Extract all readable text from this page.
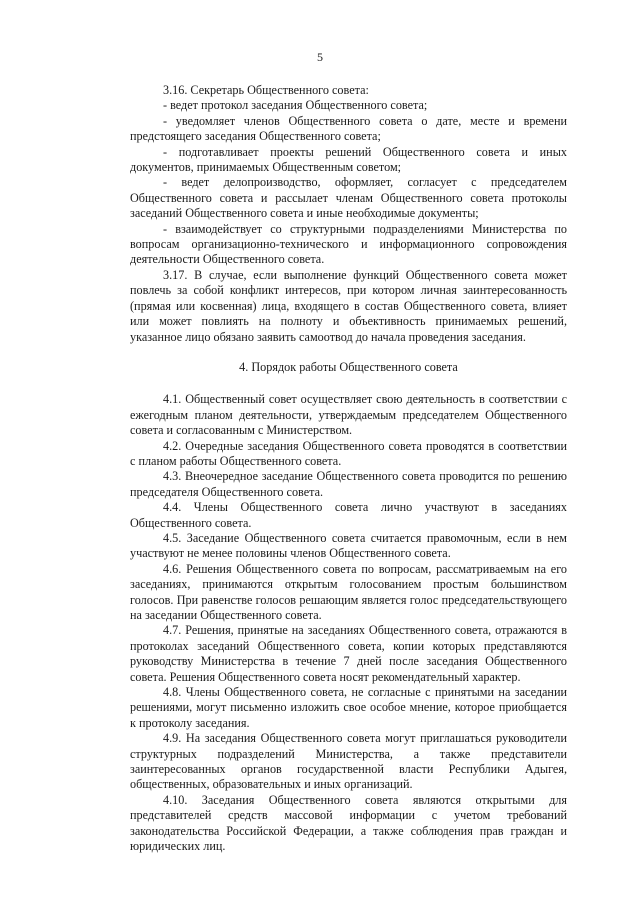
5

3.16. Секретарь Общественного совета:

- ведет протокол заседания Общественного совета;

- уведомляет членов Общественного совета о дате, месте и времени предстоящего заседания Общественного совета;

- подготавливает проекты решений Общественного совета и иных документов, принимаемых Общественным советом;

- ведет делопроизводство, оформляет, согласует с председателем Общественного совета и рассылает членам Общественного совета протоколы заседаний Общественного совета и иные необходимые документы;

- взаимодействует со структурными подразделениями Министерства по вопросам организационно-технического и информационного сопровождения деятельности Общественного совета.

3.17. В случае, если выполнение функций Общественного совета может повлечь за собой конфликт интересов, при котором личная заинтересованность (прямая или косвенная) лица, входящего в состав Общественного совета, влияет или может повлиять на полноту и объективность принимаемых решений, указанное лицо обязано заявить самоотвод до начала проведения заседания.

4. Порядок работы Общественного совета

4.1. Общественный совет осуществляет свою деятельность в соответствии с ежегодным планом деятельности, утверждаемым председателем Общественного совета и согласованным с Министерством.

4.2. Очередные заседания Общественного совета проводятся в соответствии с планом работы Общественного совета.

4.3. Внеочередное заседание Общественного совета проводится по решению председателя Общественного совета.

4.4. Члены Общественного совета лично участвуют в заседаниях Общественного совета.

4.5. Заседание Общественного совета считается правомочным, если в нем участвуют не менее половины членов Общественного совета.

4.6. Решения Общественного совета по вопросам, рассматриваемым на его заседаниях, принимаются открытым голосованием простым большинством голосов. При равенстве голосов решающим является голос председательствующего на заседании Общественного совета.

4.7. Решения, принятые на заседаниях Общественного совета, отражаются в протоколах заседаний Общественного совета, копии которых представляются руководству Министерства в течение 7 дней после заседания Общественного совета. Решения Общественного совета носят рекомендательный характер.

4.8. Члены Общественного совета, не согласные с принятыми на заседании решениями, могут письменно изложить свое особое мнение, которое приобщается к протоколу заседания.

4.9. На заседания Общественного совета могут приглашаться руководители структурных подразделений Министерства, а также представители заинтересованных органов государственной власти Республики Адыгея, общественных, образовательных и иных организаций.

4.10. Заседания Общественного совета являются открытыми для представителей средств массовой информации с учетом требований законодательства Российской Федерации, а также соблюдения прав граждан и юридических лиц.
